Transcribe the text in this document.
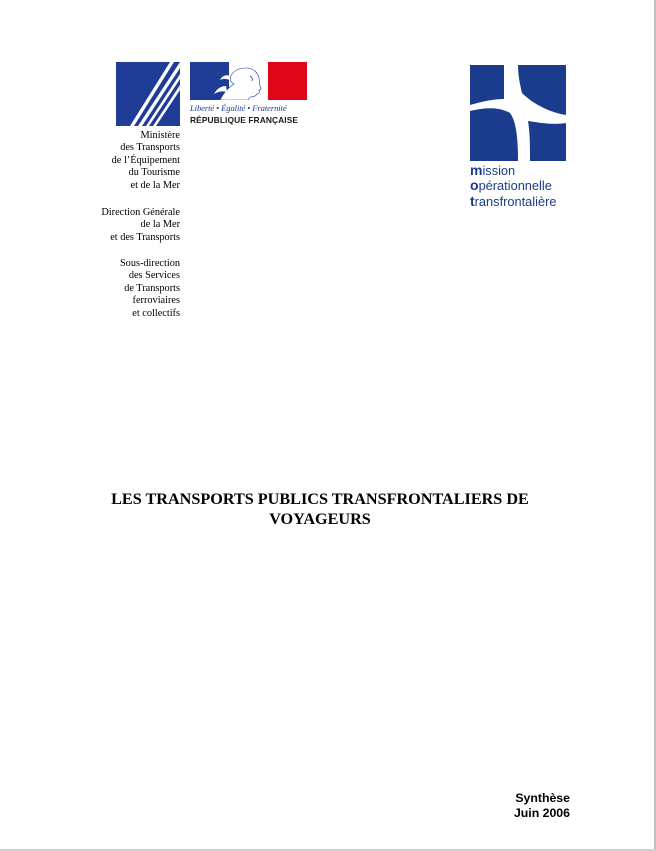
Liberté • Égalité • Fraternité
RÉPUBLIQUE FRANÇAISE
Ministère
des Transports
de l’Équipement
du Tourisme
et de la Mer
Direction Générale
de la Mer
et des Transports
Sous-direction
des Services
de Transports
ferroviaires
et collectifs
mission
opérationnelle
transfrontalière
LES TRANSPORTS PUBLICS TRANSFRONTALIERS DE
VOYAGEURS
Synthèse
Juin 2006
